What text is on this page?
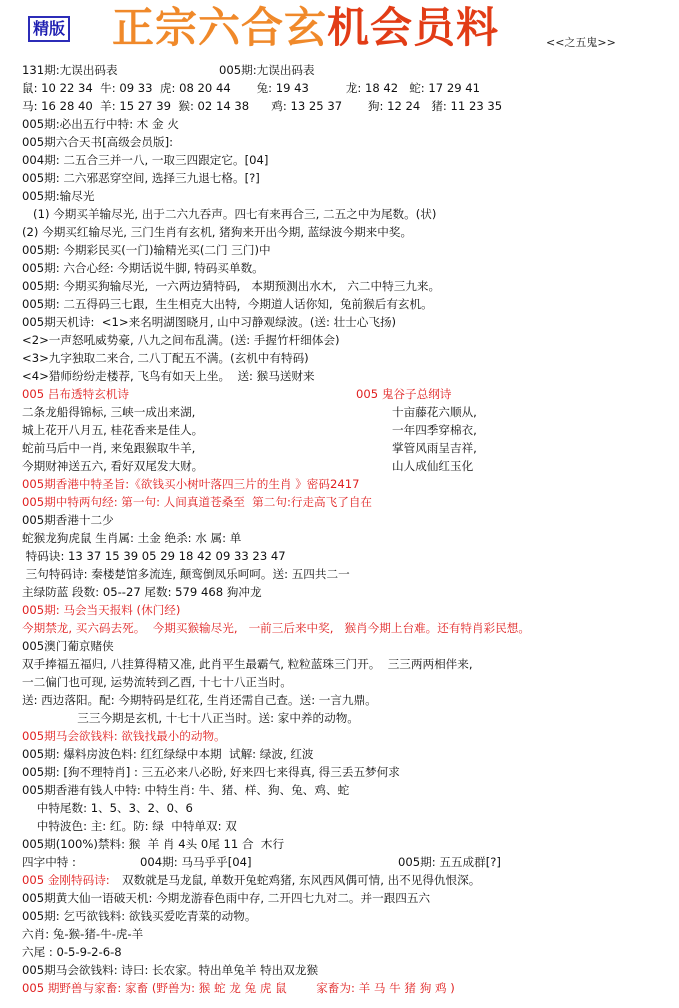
精版 正宗六合玄机会员料	<<之五鬼>>
131期:尢误出码表	005期:尢误出码表
鼠: 10 22 34  牛: 09 33  虎: 08 20 44       兔: 19 43          龙: 18 42   蛇: 17 29 41
马: 16 28 40  羊: 15 27 39  猴: 02 14 38      鸡: 13 25 37       狗: 12 24   猪: 11 23 35
005期:必出五行中特: 木 金 火
005期六合天书[高级会员版]:
004期: 二五合三并一八, 一取三四跟定它。[04]
005期: 二六邪恶穿空间, 选择三九退七格。[?]
005期:输尽光
(1) 今期买羊输尽光, 出于二六九吞声。四七有来再合三, 二五之中为尾数。(状)
(2) 今期买红输尽光, 三门生肖有玄机, 猪狗来开出今期, 蓝绿波今期来中奖。
005期: 今期彩民买(一门)输精光买(二门 三门)中
005期: 六合心经: 今期话说牛脚, 特码买单数。
005期: 今期买狗输尽光,  一六两边猜特码,   本期预测出水木,   六二中特三九来。
005期: 二五得码三七跟,  生生相克大出特,  今期道人话你知,  兔前猴后有玄机。
005期天机诗:  <1>来名明湖图晓月, 山中习静观绿波。(送: 壮士心飞扬)
<2>一声怒吼威势豪, 八九之间布乱满。(送: 手握竹杆细体会)
<3>九字独取二来合, 二八丁配五不满。(玄机中有特码)
<4>猎师纷纷走楼荐, 飞鸟有如天上坐。  送: 猴马送财来
005 吕布透特玄机诗	005 鬼谷子总纲诗
二条龙船得锦标, 三峡一成出来湖,	十亩藤花六顺从,
城上花开八月五, 桂花香来是佳人。	一年四季穿棉衣,
蛇前马后中一肖, 来兔跟猴取牛羊,	掌管风雨呈吉祥,
今期财神送五六, 看好双尾发大财。	山人成仙红玉化
005期香港中特圣旨:《欲钱买小树叶落四三片的生肖 》密码2417
005期中特两句经: 第一句: 人间真道苍桑至  第二句:行走高飞了自在
005期香港十二少
蛇猴龙狗虎鼠 生肖属: 土金 绝杀: 水 属: 单
特码诀: 13 37 15 39 05 29 18 42 09 33 23 47
三句特码诗: 秦楼楚馆多流连, 颠鸾倒凤乐呵呵。送: 五四共二一
主绿防蓝 段数: 05--27 尾数: 579 468 狗冲龙
005期: 马会当天报料 (休门经)
今期禁龙, 买六码去死。  今期买猴输尽光,   一前三后来中奖,   猴肖今期上台难。还有特肖彩民想。
005澳门葡京赌侠
双手捧福五福归, 八挂算得精又准, 此肖平生最霸气, 粒粒蓝珠三门开。  三三两两相伴来,
一二偏门也可现, 运势流转到乙酉, 十七十八正当时。
送: 西边落阳。配: 今期特码是红花, 生肖还需自己查。送: 一言九鼎。
三三今期是玄机, 十七十八正当时。送: 家中养的动物。
005期马会欲钱料: 欲钱找最小的动物。
005期: 爆料房波色料: 红红绿绿中本期  试解: 绿波, 红波
005期: [狗不理特肖] : 三五必来八必盼, 好来四七来得真, 得三丢五梦何求
005期香港有钱人中特: 中特生肖: 牛、猪、样、狗、兔、鸡、蛇
中特尾数: 1、5、3、2、0、6
中特波色: 主: 红。防: 绿  中特单双: 双
005期(100%)禁料: 猴  羊 肖 4头 0尾 11 合  木行
四字中特 :	004期: 马马乎乎[04]	005期: 五五成群[?]
005 金刚特码诗: 双数就是马龙鼠, 单数开兔蛇鸡猪, 东风西风偶可情, 出不见得仇恨深。
005期黄大仙一语破天机: 今期龙游春色雨中存, 二开四七九对二。并一跟四五六
005期: 乞丐欲钱料: 欲钱买爱吃青菜的动物。
六肖: 兔-猴-猪-牛-虎-羊
六尾 : 0-5-9-2-6-8
005期马会欲钱料: 诗曰: 长农家。特出单兔羊 特出双龙猴
005 期野兽与家畜: 家畜 (野兽为: 猴 蛇 龙 兔 虎 鼠        家畜为: 羊 马 牛 猪 狗 鸡 )
